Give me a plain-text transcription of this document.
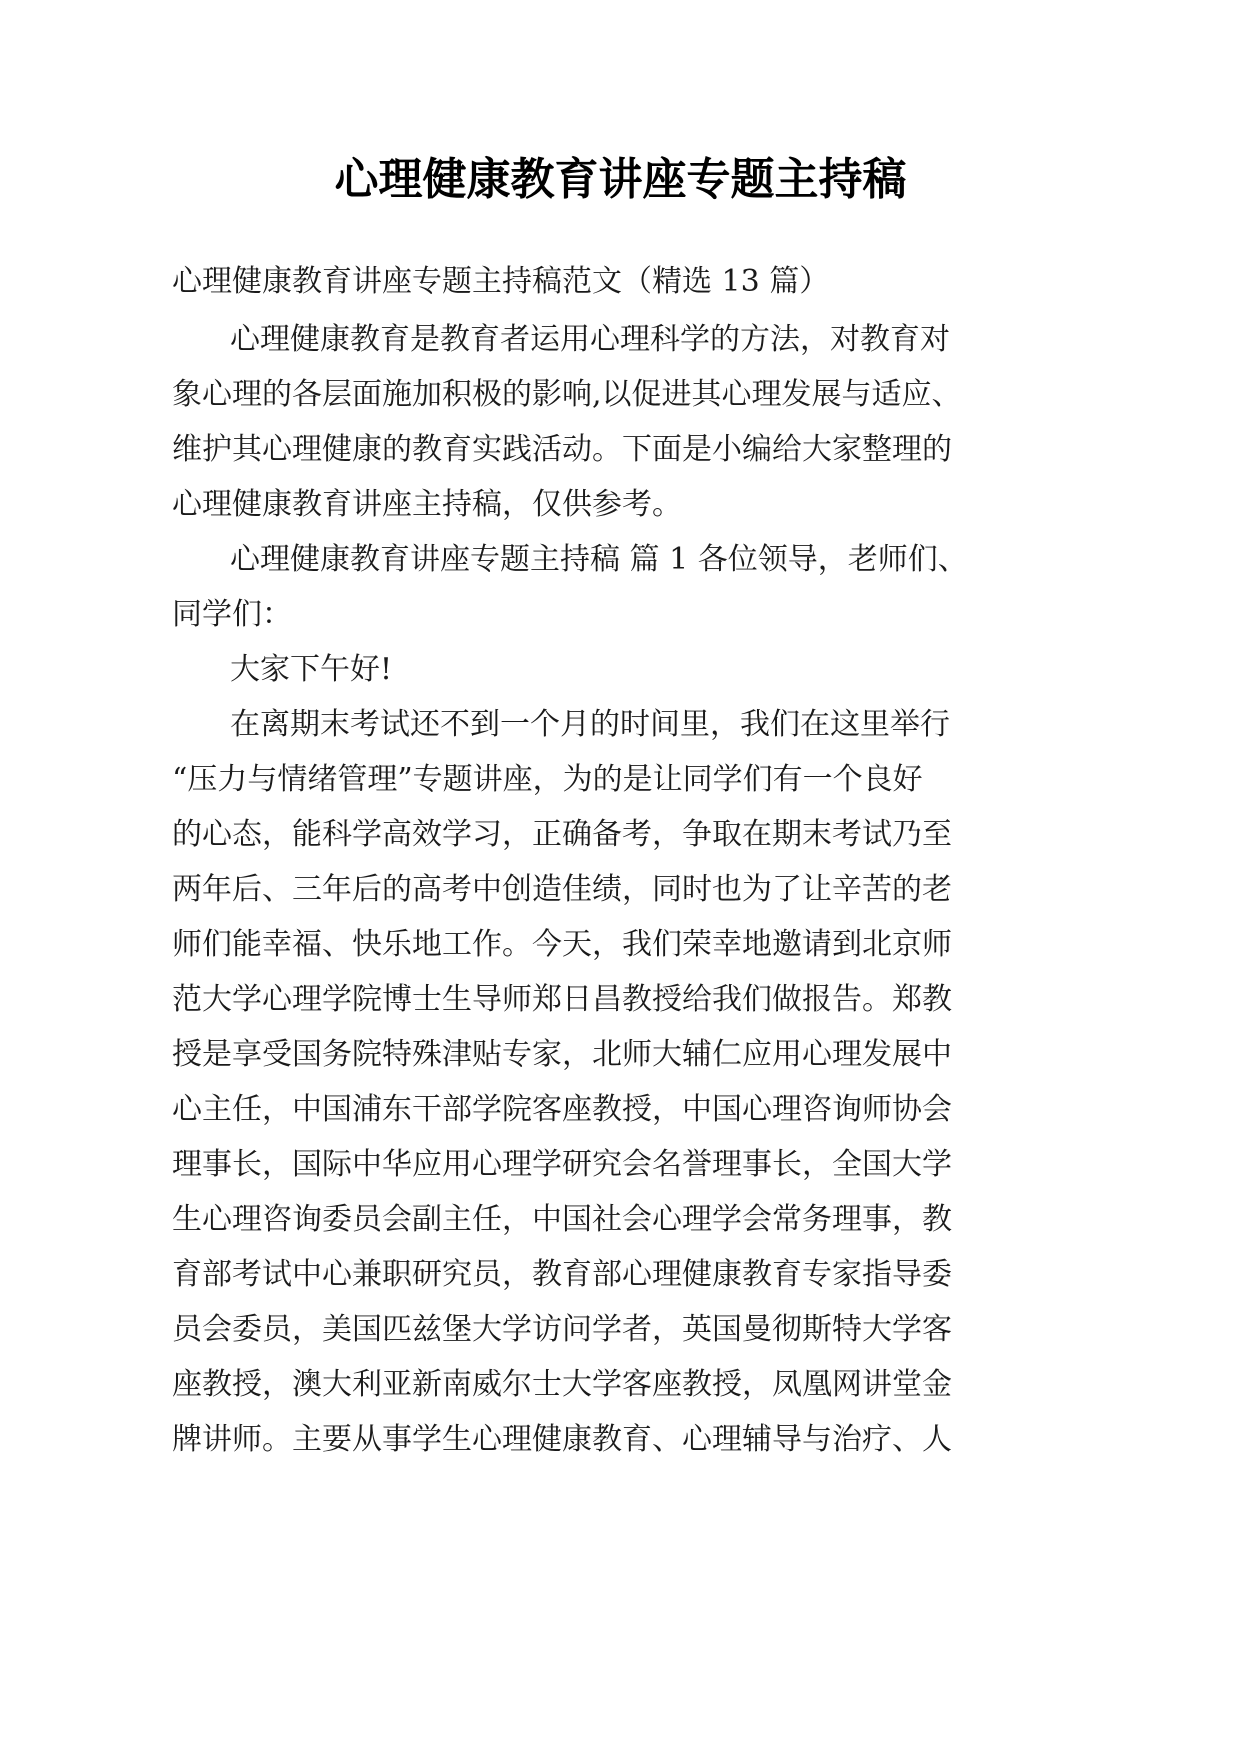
心理健康教育讲座专题主持稿
心理健康教育讲座专题主持稿范文（精选 13 篇）
心理健康教育是教育者运用心理科学的方法，对教育对
象心理的各层面施加积极的影响,以促进其心理发展与适应、
维护其心理健康的教育实践活动。下面是小编给大家整理的
心理健康教育讲座主持稿，仅供参考。
心理健康教育讲座专题主持稿 篇 1 各位领导，老师们、
同学们：
大家下午好!
在离期末考试还不到一个月的时间里，我们在这里举行
“压力与情绪管理”专题讲座，为的是让同学们有一个良好
的心态，能科学高效学习，正确备考，争取在期末考试乃至
两年后、三年后的高考中创造佳绩，同时也为了让辛苦的老
师们能幸福、快乐地工作。今天，我们荣幸地邀请到北京师
范大学心理学院博士生导师郑日昌教授给我们做报告。郑教
授是享受国务院特殊津贴专家，北师大辅仁应用心理发展中
心主任，中国浦东干部学院客座教授，中国心理咨询师协会
理事长，国际中华应用心理学研究会名誉理事长，全国大学
生心理咨询委员会副主任，中国社会心理学会常务理事，教
育部考试中心兼职研究员，教育部心理健康教育专家指导委
员会委员，美国匹兹堡大学访问学者，英国曼彻斯特大学客
座教授，澳大利亚新南威尔士大学客座教授，凤凰网讲堂金
牌讲师。主要从事学生心理健康教育、心理辅导与治疗、人
